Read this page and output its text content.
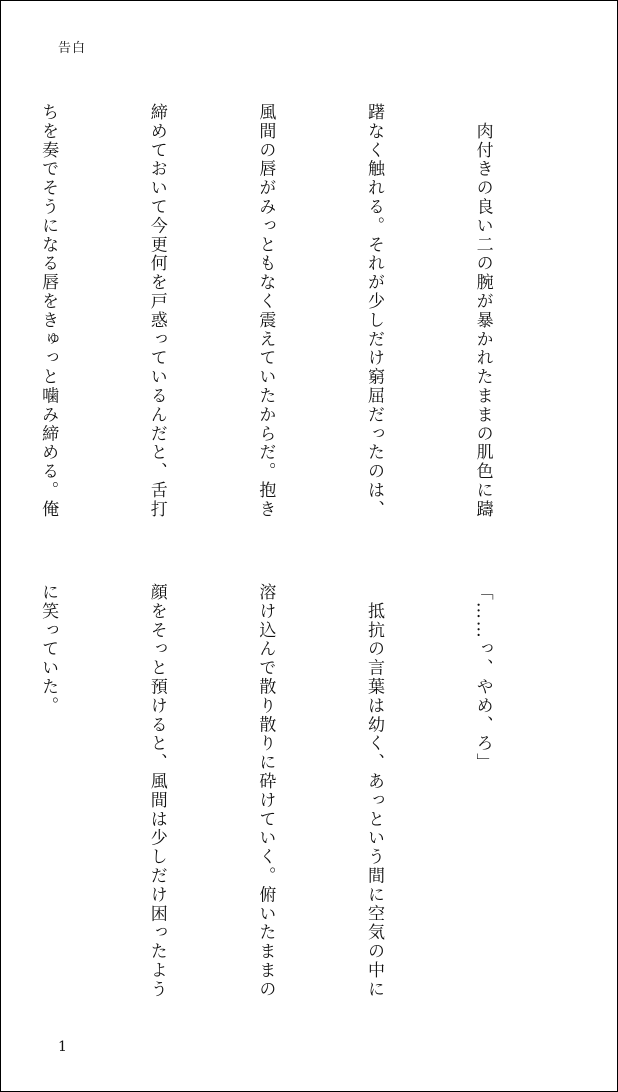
告白

　肉付きの良い二の腕が暴かれたままの肌色に躊

躇なく触れる。それが少しだけ窮屈だったのは、

風間の唇がみっともなく震えていたからだ。抱き

締めておいて今更何を戸惑っているんだと、舌打

ちを奏でそうになる唇をきゅっと噛み締める。俺

「……っ、やめ、ろ」

　抵抗の言葉は幼く、あっという間に空気の中に

溶け込んで散り散りに砕けていく。俯いたままの

顔をそっと預けると、風間は少しだけ困ったよう

に笑っていた。

1
